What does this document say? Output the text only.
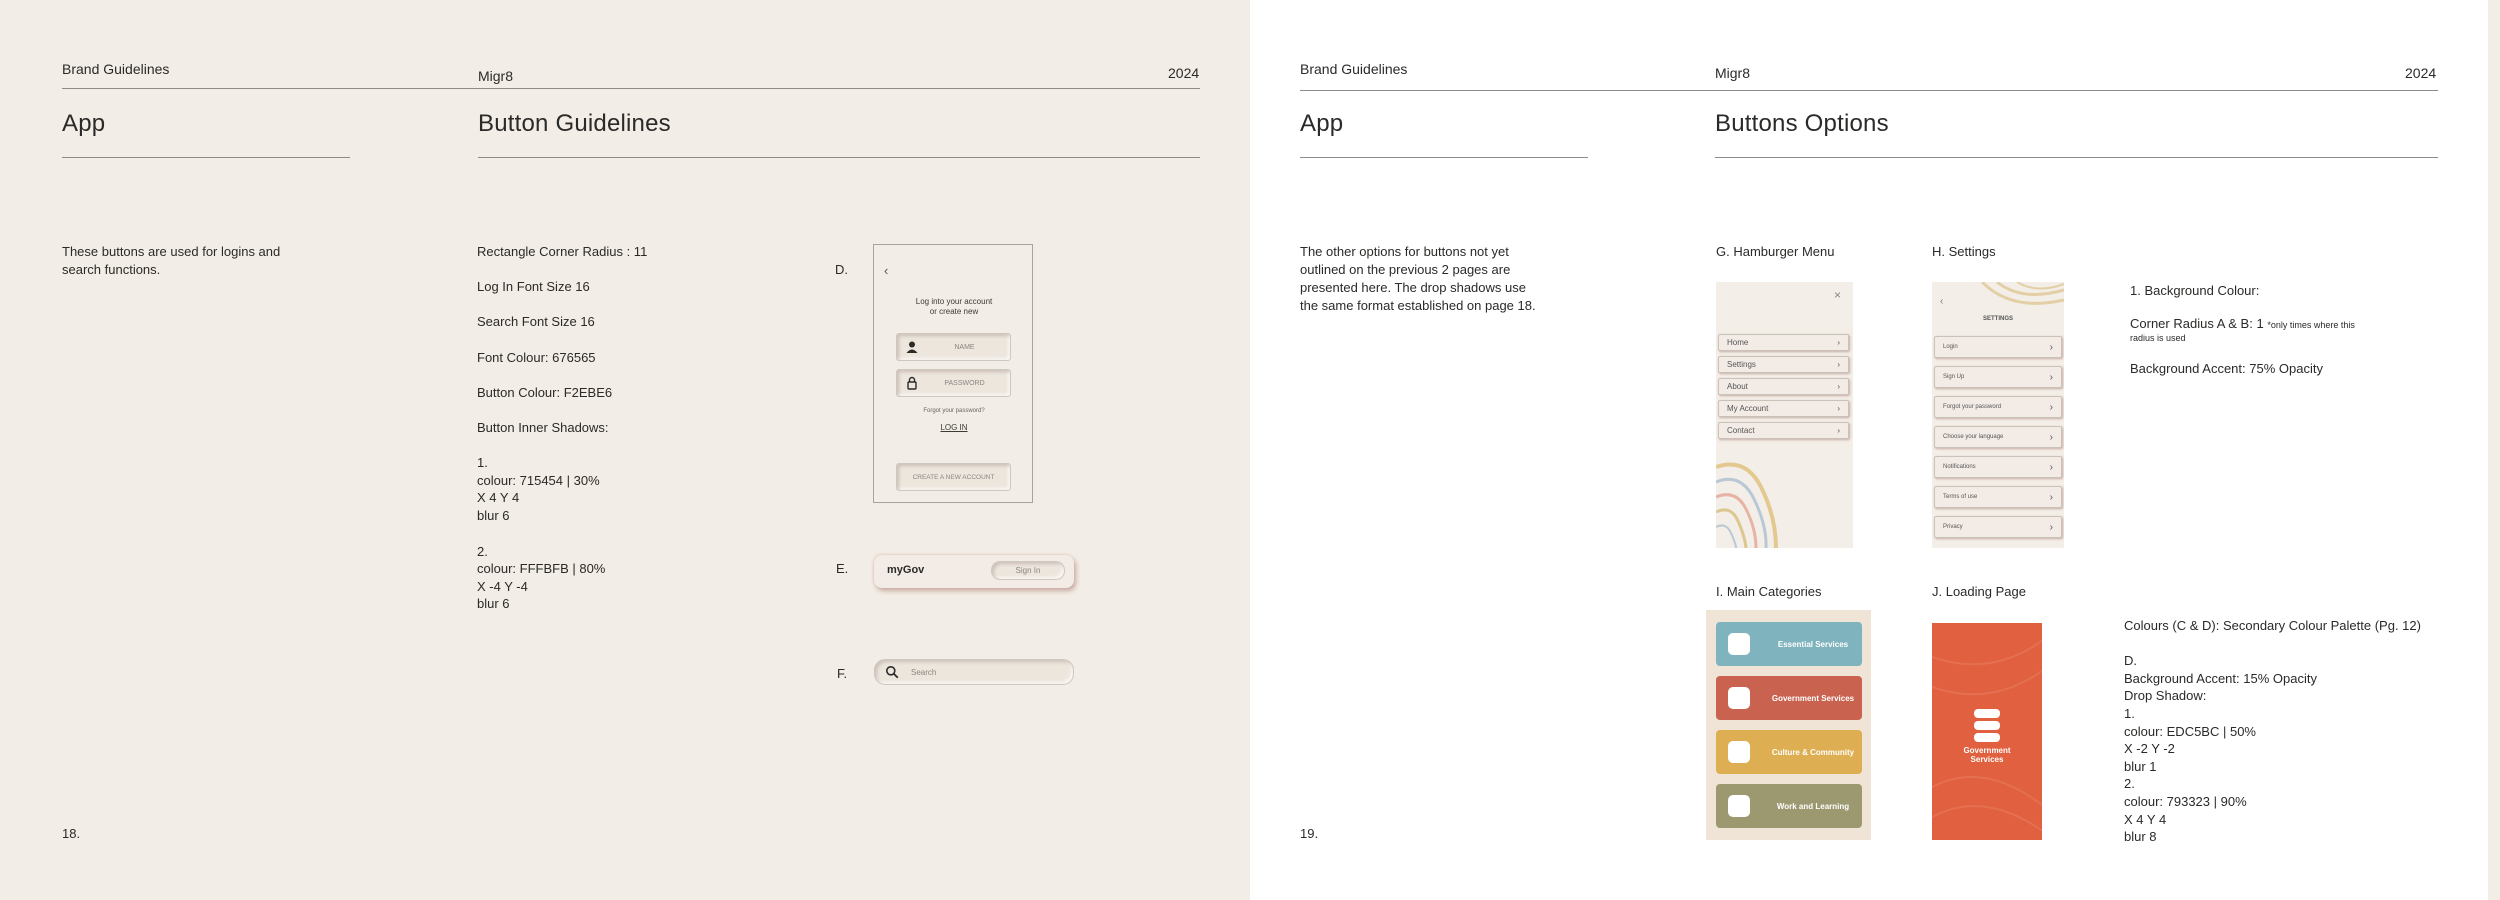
Brand Guidelines	Migr8	2024
App	Button Guidelines
These buttons are used for logins and
search functions.
Rectangle Corner Radius : 11
Log In Font Size 16
Search Font Size 16
Font Colour: 676565
Button Colour: F2EBE6
Button Inner Shadows:
1.
colour: 715454 | 30%
X 4 Y 4
blur 6
2.
colour: FFFBFB | 80%
X -4 Y -4
blur 6
18.
D.	‹
Log into your account
or create new
NAME
PASSWORD
Forgot your password?
LOG IN
CREATE A NEW ACCOUNT
E.	myGov	Sign In
F.	Search
Brand Guidelines	Migr8	2024
App	Buttons Options
The other options for buttons not yet
outlined on the previous 2 pages are
presented here. The drop shadows use
the same format established on page 18.
19.
G. Hamburger Menu
×
Home	›
Settings	›
About	›
My Account	›
Contact	›
H. Settings
‹
SETTINGS
Login	›
Sign Up	›
Forgot your password	›
Choose your language	›
Notifications	›
Terms of use	›
Privacy	›
1. Background Colour:
Corner Radius A & B: 1 *only times where this
radius is used
Background Accent: 75% Opacity
I. Main Categories
Essential Services
Government Services
Culture & Community
Work and Learning
J. Loading Page
Government
Services
Colours (C & D): Secondary Colour Palette (Pg. 12)
D.
Background Accent: 15% Opacity
Drop Shadow:
1.
colour: EDC5BC | 50%
X -2 Y -2
blur 1
2.
colour: 793323 | 90%
X 4 Y 4
blur 8
